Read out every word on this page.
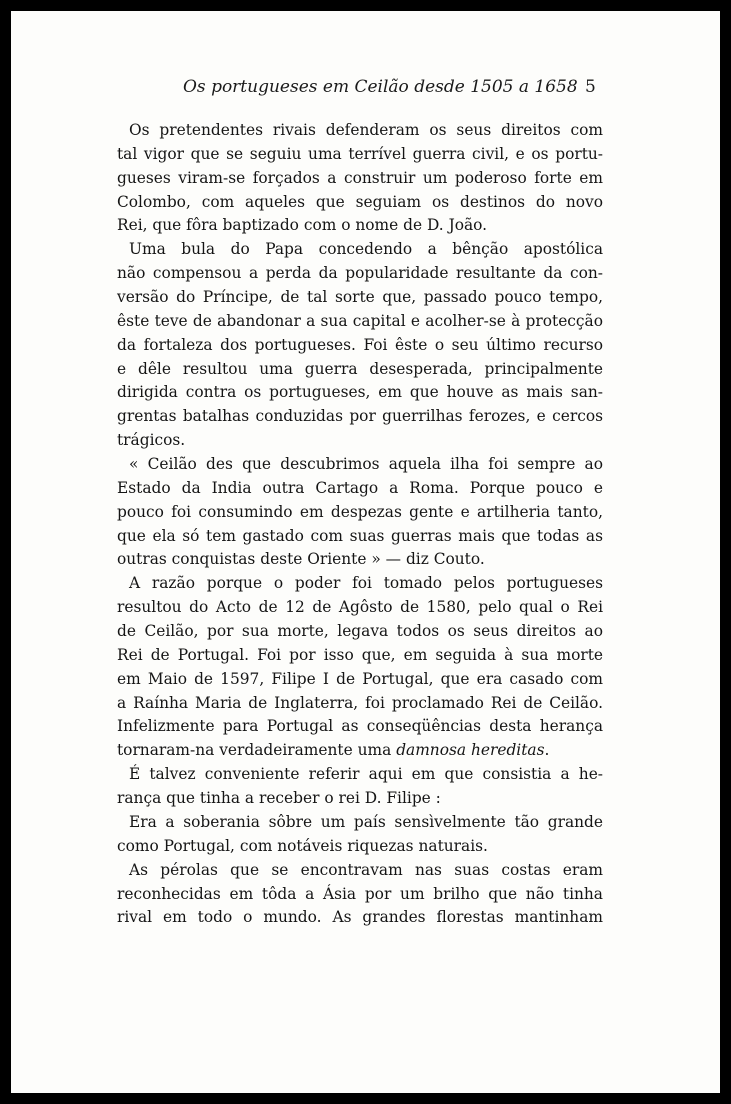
Os portugueses em Ceilão desde 1505 a 1658 5
Os pretendentes rivais defenderam os seus direitos com
tal vigor que se seguiu uma terrível guerra civil, e os portu-
gueses viram-se forçados a construir um poderoso forte em
Colombo, com aqueles que seguiam os destinos do novo
Rei, que fôra baptizado com o nome de D. João.
Uma bula do Papa concedendo a bênção apostólica
não compensou a perda da popularidade resultante da con-
versão do Príncipe, de tal sorte que, passado pouco tempo,
êste teve de abandonar a sua capital e acolher-se à protecção
da fortaleza dos portugueses. Foi êste o seu último recurso
e dêle resultou uma guerra desesperada, principalmente
dirigida contra os portugueses, em que houve as mais san-
grentas batalhas conduzidas por guerrilhas ferozes, e cercos
trágicos.
« Ceilão des que descubrimos aquela ilha foi sempre ao
Estado da India outra Cartago a Roma. Porque pouco e
pouco foi consumindo em despezas gente e artilheria tanto,
que ela só tem gastado com suas guerras mais que todas as
outras conquistas deste Oriente » — diz Couto.
A razão porque o poder foi tomado pelos portugueses
resultou do Acto de 12 de Agôsto de 1580, pelo qual o Rei
de Ceilão, por sua morte, legava todos os seus direitos ao
Rei de Portugal. Foi por isso que, em seguida à sua morte
em Maio de 1597, Filipe I de Portugal, que era casado com
a Raínha Maria de Inglaterra, foi proclamado Rei de Ceilão.
Infelizmente para Portugal as conseqüências desta herança
tornaram-na verdadeiramente uma damnosa hereditas.
É talvez conveniente referir aqui em que consistia a he-
rança que tinha a receber o rei D. Filipe :
Era a soberania sôbre um país sensìvelmente tão grande
como Portugal, com notáveis riquezas naturais.
As pérolas que se encontravam nas suas costas eram
reconhecidas em tôda a Ásia por um brilho que não tinha
rival em todo o mundo. As grandes florestas mantinham
